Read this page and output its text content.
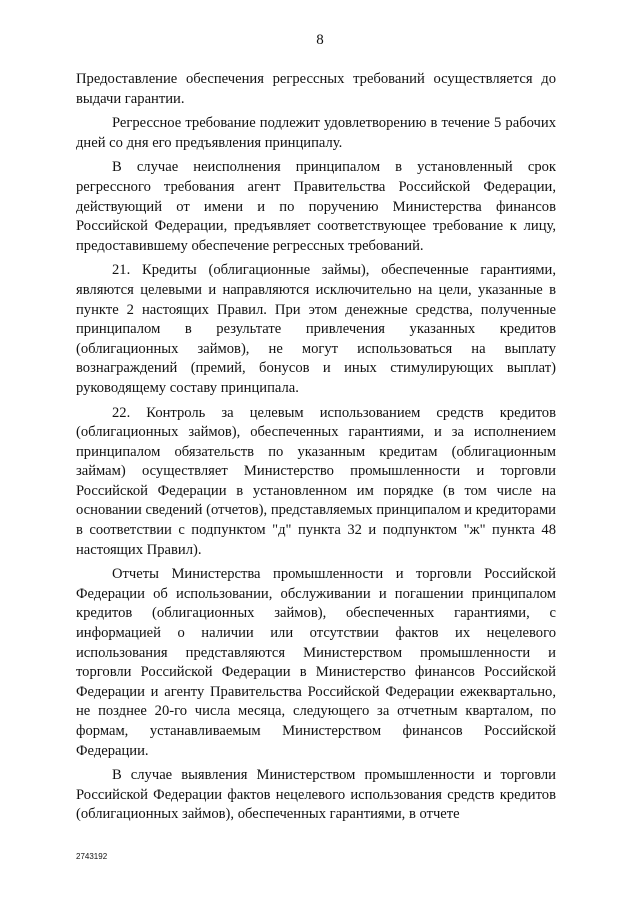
8

Предоставление обеспечения регрессных требований осуществляется до выдачи гарантии.

Регрессное требование подлежит удовлетворению в течение 5 рабочих дней со дня его предъявления принципалу.

В случае неисполнения принципалом в установленный срок регрессного требования агент Правительства Российской Федерации, действующий от имени и по поручению Министерства финансов Российской Федерации, предъявляет соответствующее требование к лицу, предоставившему обеспечение регрессных требований.

21. Кредиты (облигационные займы), обеспеченные гарантиями, являются целевыми и направляются исключительно на цели, указанные в пункте 2 настоящих Правил. При этом денежные средства, полученные принципалом в результате привлечения указанных кредитов (облигационных займов), не могут использоваться на выплату вознаграждений (премий, бонусов и иных стимулирующих выплат) руководящему составу принципала.

22. Контроль за целевым использованием средств кредитов (облигационных займов), обеспеченных гарантиями, и за исполнением принципалом обязательств по указанным кредитам (облигационным займам) осуществляет Министерство промышленности и торговли Российской Федерации в установленном им порядке (в том числе на основании сведений (отчетов), представляемых принципалом и кредиторами в соответствии с подпунктом "д" пункта 32 и подпунктом "ж" пункта 48 настоящих Правил).

Отчеты Министерства промышленности и торговли Российской Федерации об использовании, обслуживании и погашении принципалом кредитов (облигационных займов), обеспеченных гарантиями, с информацией о наличии или отсутствии фактов их нецелевого использования представляются Министерством промышленности и торговли Российской Федерации в Министерство финансов Российской Федерации и агенту Правительства Российской Федерации ежеквартально, не позднее 20-го числа месяца, следующего за отчетным кварталом, по формам, устанавливаемым Министерством финансов Российской Федерации.

В случае выявления Министерством промышленности и торговли Российской Федерации фактов нецелевого использования средств кредитов (облигационных займов), обеспеченных гарантиями, в отчете

2743192
